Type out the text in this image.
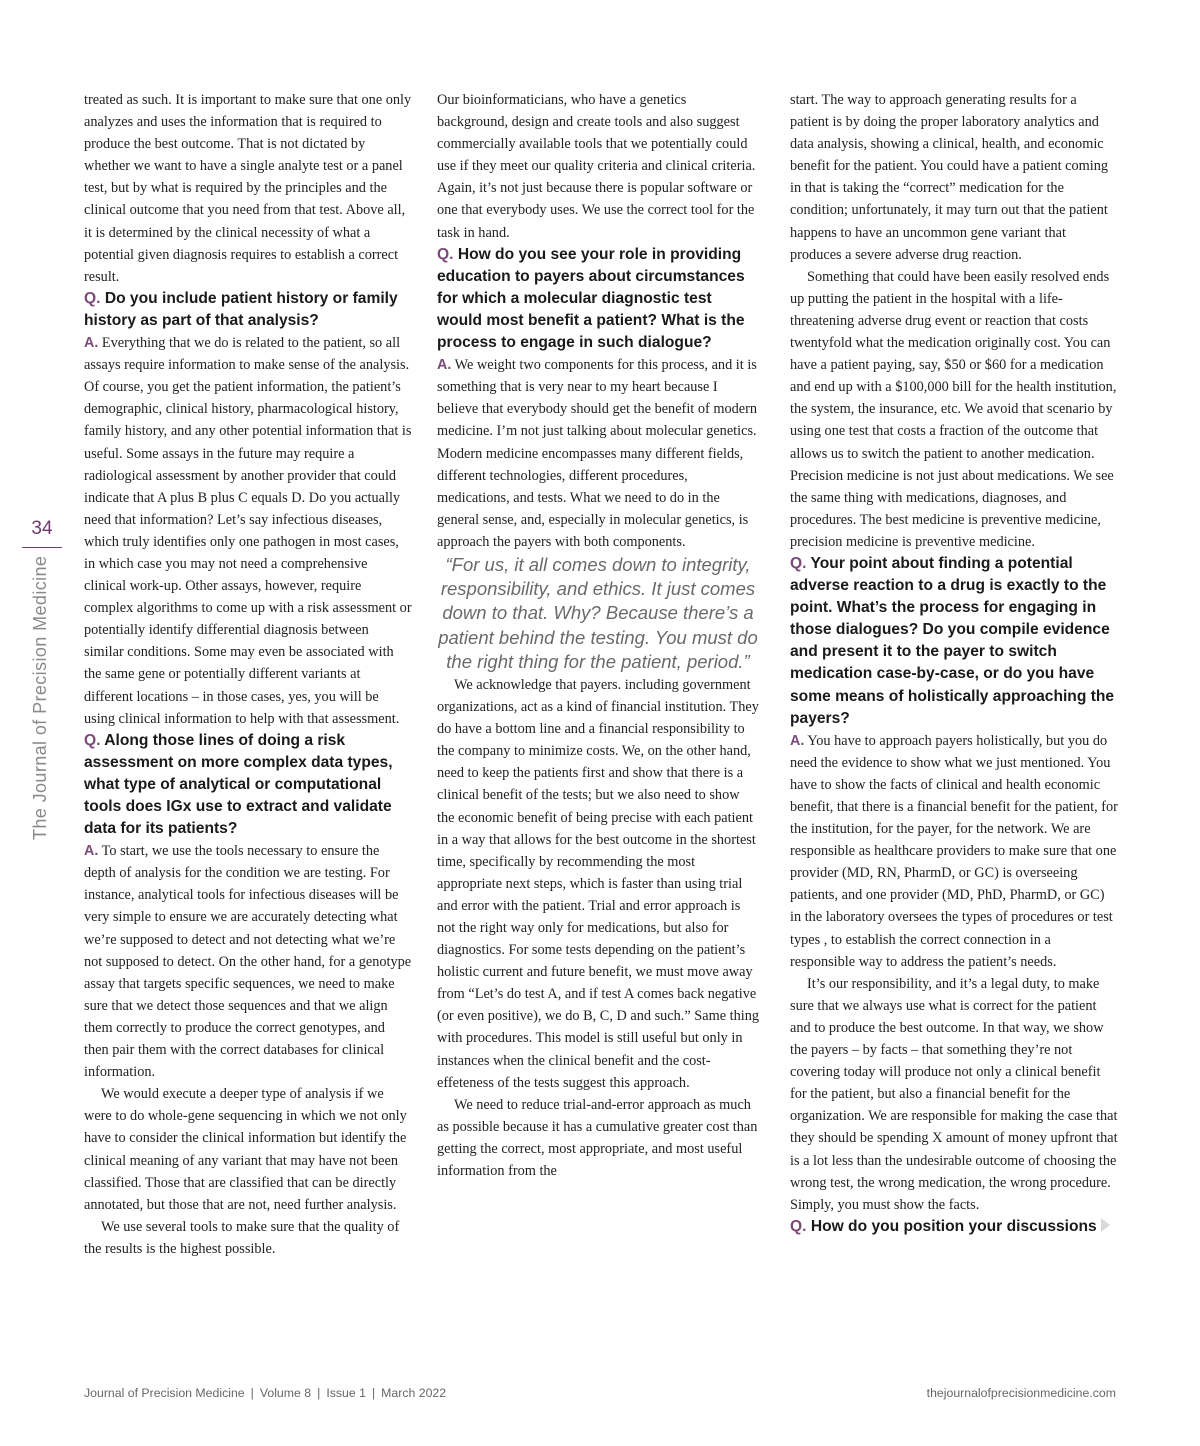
34
The Journal of Precision Medicine

treated as such. It is important to make sure that one only analyzes and uses the information that is required to produce the best outcome. That is not dictated by whether we want to have a single analyte test or a panel test, but by what is required by the principles and the clinical outcome that you need from that test. Above all, it is determined by the clinical necessity of what a potential given diagnosis requires to establish a correct result.

Q. Do you include patient history or family history as part of that analysis?

A. Everything that we do is related to the patient, so all assays require information to make sense of the analysis. Of course, you get the patient information, the patient’s demographic, clinical history, pharmacological history, family history, and any other potential information that is useful. Some assays in the future may require a radiological assessment by another provider that could indicate that A plus B plus C equals D. Do you actually need that information? Let’s say infectious diseases, which truly identifies only one pathogen in most cases, in which case you may not need a comprehensive clinical work-up. Other assays, however, require complex algorithms to come up with a risk assessment or potentially identify differential diagnosis between similar conditions. Some may even be associated with the same gene or potentially different variants at different locations – in those cases, yes, you will be using clinical information to help with that assessment.

Q. Along those lines of doing a risk assessment on more complex data types, what type of analytical or computational tools does IGx use to extract and validate data for its patients?

A. To start, we use the tools necessary to ensure the depth of analysis for the condition we are testing. For instance, analytical tools for infectious diseases will be very simple to ensure we are accurately detecting what we’re supposed to detect and not detecting what we’re not supposed to detect. On the other hand, for a genotype assay that targets specific sequences, we need to make sure that we detect those sequences and that we align them correctly to produce the correct genotypes, and then pair them with the correct databases for clinical information.

We would execute a deeper type of analysis if we were to do whole-gene sequencing in which we not only have to consider the clinical information but identify the clinical meaning of any variant that may have not been classified. Those that are classified that can be directly annotated, but those that are not, need further analysis.

We use several tools to make sure that the quality of the results is the highest possible.

Our bioinformaticians, who have a genetics background, design and create tools and also suggest commercially available tools that we potentially could use if they meet our quality criteria and clinical criteria. Again, it’s not just because there is popular software or one that everybody uses. We use the correct tool for the task in hand.

Q. How do you see your role in providing education to payers about circumstances for which a molecular diagnostic test would most benefit a patient? What is the process to engage in such dialogue?

A. We weight two components for this process, and it is something that is very near to my heart because I believe that everybody should get the benefit of modern medicine. I’m not just talking about molecular genetics. Modern medicine encompasses many different fields, different technologies, different procedures, medications, and tests. What we need to do in the general sense, and, especially in molecular genetics, is approach the payers with both components.

“For us, it all comes down to integrity, responsibility, and ethics. It just comes down to that. Why? Because there’s a patient behind the testing. You must do the right thing for the patient, period.”

We acknowledge that payers. including government organizations, act as a kind of financial institution. They do have a bottom line and a financial responsibility to the company to minimize costs. We, on the other hand, need to keep the patients first and show that there is a clinical benefit of the tests; but we also need to show the economic benefit of being precise with each patient in a way that allows for the best outcome in the shortest time, specifically by recommending the most appropriate next steps, which is faster than using trial and error with the patient. Trial and error approach is not the right way only for medications, but also for diagnostics. For some tests depending on the patient’s holistic current and future benefit, we must move away from “Let’s do test A, and if test A comes back negative (or even positive), we do B, C, D and such.” Same thing with procedures. This model is still useful but only in instances when the clinical benefit and the cost-effeteness of the tests suggest this approach.

We need to reduce trial-and-error approach as much as possible because it has a cumulative greater cost than getting the correct, most appropriate, and most useful information from the

start. The way to approach generating results for a patient is by doing the proper laboratory analytics and data analysis, showing a clinical, health, and economic benefit for the patient. You could have a patient coming in that is taking the “correct” medication for the condition; unfortunately, it may turn out that the patient happens to have an uncommon gene variant that produces a severe adverse drug reaction.

Something that could have been easily resolved ends up putting the patient in the hospital with a life-threatening adverse drug event or reaction that costs twentyfold what the medication originally cost. You can have a patient paying, say, $50 or $60 for a medication and end up with a $100,000 bill for the health institution, the system, the insurance, etc. We avoid that scenario by using one test that costs a fraction of the outcome that allows us to switch the patient to another medication. Precision medicine is not just about medications. We see the same thing with medications, diagnoses, and procedures. The best medicine is preventive medicine, precision medicine is preventive medicine.

Q. Your point about finding a potential adverse reaction to a drug is exactly to the point. What’s the process for engaging in those dialogues? Do you compile evidence and present it to the payer to switch medication case-by-case, or do you have some means of holistically approaching the payers?

A. You have to approach payers holistically, but you do need the evidence to show what we just mentioned. You have to show the facts of clinical and health economic benefit, that there is a financial benefit for the patient, for the institution, for the payer, for the network. We are responsible as healthcare providers to make sure that one provider (MD, RN, PharmD, or GC) is overseeing patients, and one provider (MD, PhD, PharmD, or GC) in the laboratory oversees the types of procedures or test types , to establish the correct connection in a responsible way to address the patient’s needs.

It’s our responsibility, and it’s a legal duty, to make sure that we always use what is correct for the patient and to produce the best outcome. In that way, we show the payers – by facts – that something they’re not covering today will produce not only a clinical benefit for the patient, but also a financial benefit for the organization. We are responsible for making the case that they should be spending X amount of money upfront that is a lot less than the undesirable outcome of choosing the wrong test, the wrong medication, the wrong procedure. Simply, you must show the facts.

Q. How do you position your discussions

Journal of Precision Medicine | Volume 8 | Issue 1 | March 2022	thejournalofprecisionmedicine.com
